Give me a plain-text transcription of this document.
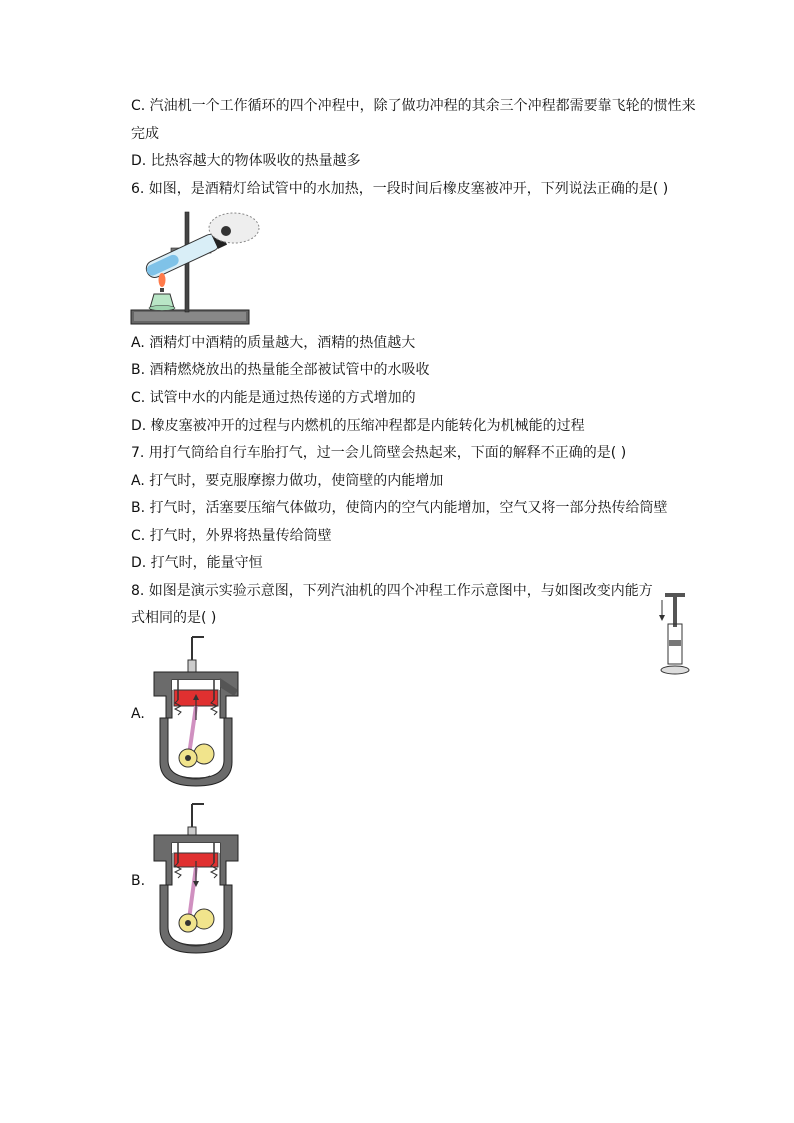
C. 汽油机一个工作循环的四个冲程中，除了做功冲程的其余三个冲程都需要靠飞轮的惯性来
完成
D. 比热容越大的物体吸收的热量越多
6. 如图，是酒精灯给试管中的水加热，一段时间后橡皮塞被冲开，下列说法正确的是( )
A. 酒精灯中酒精的质量越大，酒精的热值越大
B. 酒精燃烧放出的热量能全部被试管中的水吸收
C. 试管中水的内能是通过热传递的方式增加的
D. 橡皮塞被冲开的过程与内燃机的压缩冲程都是内能转化为机械能的过程
7. 用打气筒给自行车胎打气，过一会儿筒壁会热起来，下面的解释不正确的是( )
A. 打气时，要克服摩擦力做功，使筒壁的内能增加
B. 打气时，活塞要压缩气体做功，使筒内的空气内能增加，空气又将一部分热传给筒壁
C. 打气时，外界将热量传给筒壁
D. 打气时，能量守恒
8. 如图是演示实验示意图，下列汽油机的四个冲程工作示意图中，与如图改变内能方
式相同的是( )
A.
B.
